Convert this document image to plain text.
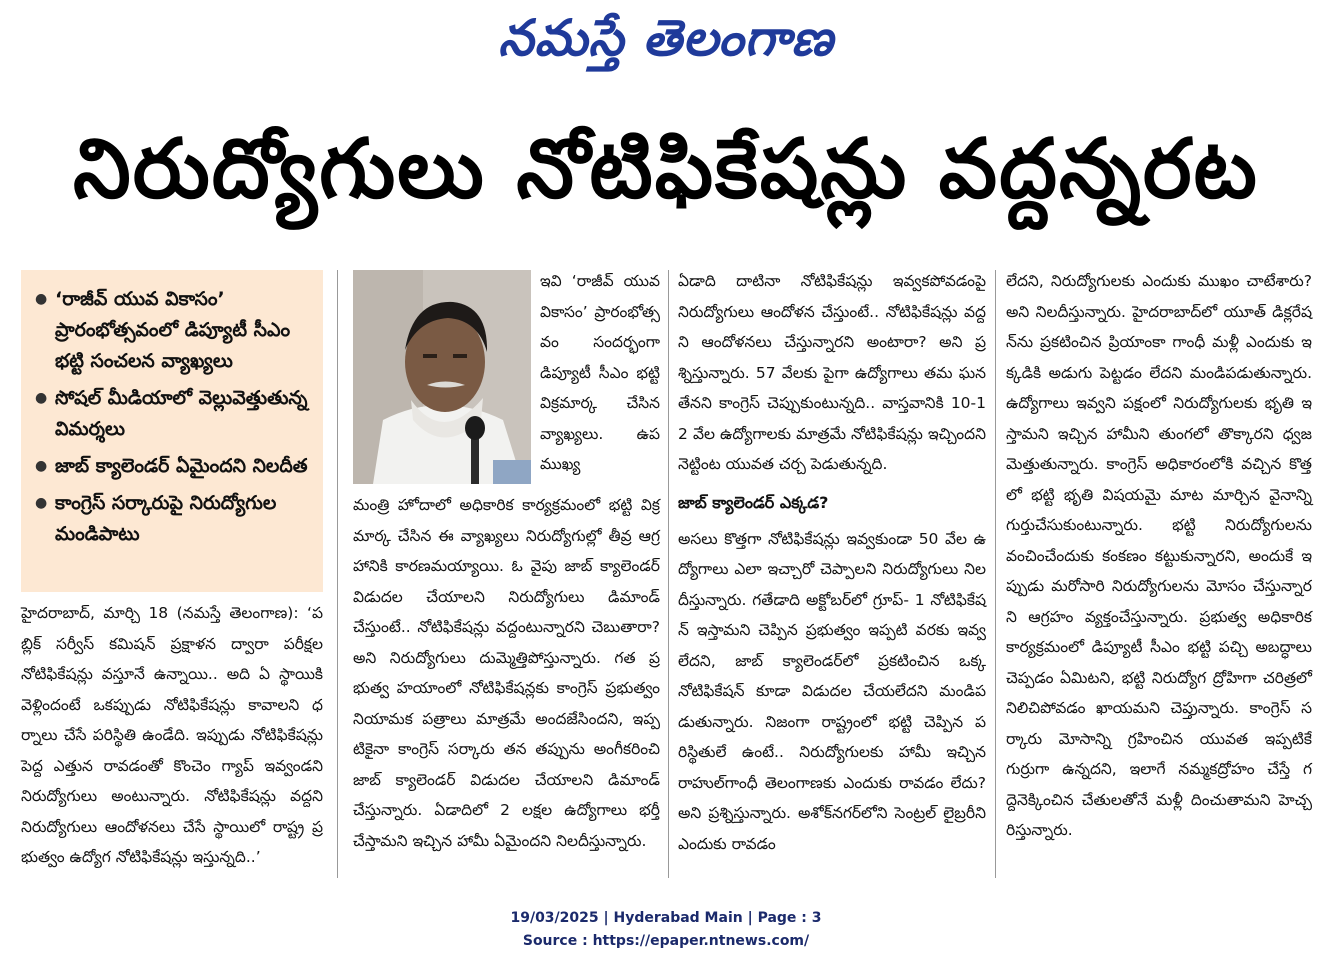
నమస్తే తెలంగాణ
నిరుద్యోగులు నోటిఫికేషన్లు వద్దన్నరట
● ‘రాజీవ్ యువ వికాసం’ ప్రారంభోత్సవంలో డిప్యూటీ సీఎం భట్టి సంచలన వ్యాఖ్యలు
● సోషల్ మీడియాలో వెల్లువెత్తుతున్న విమర్శలు
● జాబ్ క్యాలెండర్ ఏమైందని నిలదీత
● కాంగ్రెస్ సర్కారుపై నిరుద్యోగుల మండిపాటు

హైదరాబాద్, మార్చి 18 (నమస్తే తెలంగాణ): ‘పబ్లిక్ సర్వీస్ కమిషన్ ప్రక్షాళన ద్వారా పరీక్షల నోటిఫికేషన్లు వస్తూనే ఉన్నాయి.. అది ఏ స్థాయికి వెళ్లిందంటే ఒకప్పుడు నోటిఫికేషన్లు కావాలని ధర్నాలు చేసే పరిస్థితి ఉండేది. ఇప్పుడు నోటిఫికేషన్లు పెద్ద ఎత్తున రావడంతో కొంచెం గ్యాప్ ఇవ్వండని నిరుద్యోగులు అంటున్నారు. నోటిఫికేషన్లు వద్దని నిరుద్యోగులు ఆందోళనలు చేసే స్థాయిలో రాష్ట్ర ప్రభుత్వం ఉద్యోగ నోటిఫికేషన్లు ఇస్తున్నది..’

ఇవి ‘రాజీవ్ యువ వికాసం’ ప్రారంభోత్సవం సందర్భంగా డిప్యూటీ సీఎం భట్టి విక్రమార్క చేసిన వ్యాఖ్యలు. ఉపముఖ్య

మంత్రి హోదాలో అధికారిక కార్యక్రమంలో భట్టి విక్రమార్క చేసిన ఈ వ్యాఖ్యలు నిరుద్యోగుల్లో తీవ్ర ఆగ్రహానికి కారణమయ్యాయి. ఓ వైపు జాబ్ క్యాలెండర్ విడుదల చేయాలని నిరుద్యోగులు డిమాండ్ చేస్తుంటే.. నోటిఫికేషన్లు వద్దంటున్నారని చెబుతారా? అని నిరుద్యోగులు దుమ్మెత్తిపోస్తున్నారు. గత ప్రభుత్వ హయాంలో నోటిఫికేషన్లకు కాంగ్రెస్ ప్రభుత్వం నియామక పత్రాలు మాత్రమే అందజేసిందని, ఇప్పటికైనా కాంగ్రెస్ సర్కారు తన తప్పును అంగీకరించి జాబ్ క్యాలెండర్ విడుదల చేయాలని డిమాండ్ చేస్తున్నారు. ఏడాదిలో 2 లక్షల ఉద్యోగాలు భర్తీ చేస్తామని ఇచ్చిన హామీ ఏమైందని నిలదీస్తున్నారు.

ఏడాది దాటినా నోటిఫికేషన్లు ఇవ్వకపోవడంపై నిరుద్యోగులు ఆందోళన చేస్తుంటే.. నోటిఫికేషన్లు వద్దని ఆందోళనలు చేస్తున్నారని అంటారా? అని ప్రశ్నిస్తున్నారు. 57 వేలకు పైగా ఉద్యోగాలు తమ ఘనతేనని కాంగ్రెస్ చెప్పుకుంటున్నది.. వాస్తవానికి 10-12 వేల ఉద్యోగాలకు మాత్రమే నోటిఫికేషన్లు ఇచ్చిందని నెట్టింట యువత చర్చ పెడుతున్నది.

జాబ్ క్యాలెండర్ ఎక్కడ?

అసలు కొత్తగా నోటిఫికేషన్లు ఇవ్వకుండా 50 వేల ఉద్యోగాలు ఎలా ఇచ్చారో చెప్పాలని నిరుద్యోగులు నిలదీస్తున్నారు. గతేడాది అక్టోబర్‌లో గ్రూప్- 1 నోటిఫికేషన్ ఇస్తామని చెప్పిన ప్రభుత్వం ఇప్పటి వరకు ఇవ్వలేదని, జాబ్ క్యాలెండర్‌లో ప్రకటించిన ఒక్క నోటిఫికేషన్ కూడా విడుదల చేయలేదని మండిపడుతున్నారు. నిజంగా రాష్ట్రంలో భట్టి చెప్పిన పరిస్థితులే ఉంటే.. నిరుద్యోగులకు హామీ ఇచ్చిన రాహుల్‌గాంధీ తెలంగాణకు ఎందుకు రావడం లేదు? అని ప్రశ్నిస్తున్నారు. అశోక్‌నగర్‌లోని సెంట్రల్ లైబ్రరీని ఎందుకు రావడం

లేదని, నిరుద్యోగులకు ఎందుకు ముఖం చాటేశారు? అని నిలదీస్తున్నారు. హైదరాబాద్‌లో యూత్ డిక్లరేషన్‌ను ప్రకటించిన ప్రియాంకా గాంధీ మళ్లీ ఎందుకు ఇక్కడికి అడుగు పెట్టడం లేదని మండిపడుతున్నారు. ఉద్యోగాలు ఇవ్వని పక్షంలో నిరుద్యోగులకు భృతి ఇస్తామని ఇచ్చిన హామీని తుంగలో తొక్కారని ధ్వజమెత్తుతున్నారు. కాంగ్రెస్ అధికారంలోకి వచ్చిన కొత్తలో భట్టి భృతి విషయమై మాట మార్చిన వైనాన్ని గుర్తుచేసుకుంటున్నారు. భట్టి నిరుద్యోగులను వంచించేందుకు కంకణం కట్టుకున్నారని, అందుకే ఇప్పుడు మరోసారి నిరుద్యోగులను మోసం చేస్తున్నారని ఆగ్రహం వ్యక్తంచేస్తున్నారు. ప్రభుత్వ అధికారిక కార్యక్రమంలో డిప్యూటీ సీఎం భట్టి పచ్చి అబద్ధాలు చెప్పడం ఏమిటని, భట్టి నిరుద్యోగ ద్రోహిగా చరిత్రలో నిలిచిపోవడం ఖాయమని చెప్తున్నారు. కాంగ్రెస్ సర్కారు మోసాన్ని గ్రహించిన యువత ఇప్పటికే గుర్రుగా ఉన్నదని, ఇలాగే నమ్మకద్రోహం చేస్తే గద్దెనెక్కించిన చేతులతోనే మళ్లీ దించుతామని హెచ్చరిస్తున్నారు.

19/03/2025 | Hyderabad Main | Page : 3
Source : https://epaper.ntnews.com/
